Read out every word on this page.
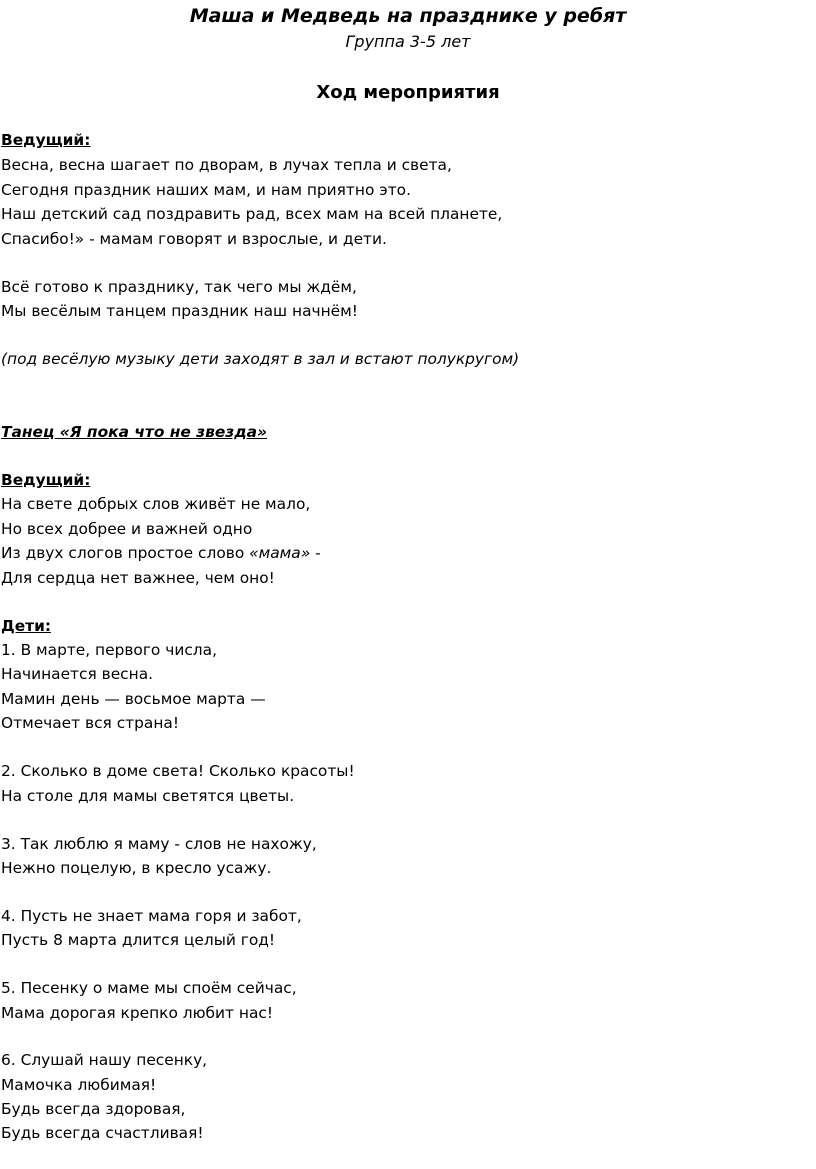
Маша и Медведь на празднике у ребят

Группа 3-5 лет

Ход мероприятия

Ведущий:

Весна, весна шагает по дворам, в лучах тепла и света,

Сегодня праздник наших мам, и нам приятно это.

Наш детский сад поздравить рад, всех мам на всей планете,

Спасибо!» - мамам говорят и взрослые, и дети.

Всё готово к празднику, так чего мы ждём,

Мы весёлым танцем праздник наш начнём!

(под весёлую музыку дети заходят в зал и встают полукругом)

Танец «Я пока что не звезда»

Ведущий:

На свете добрых слов живёт не мало,

Но всех добрее и важней одно

Из двух слогов простое слово «мама» -

Для сердца нет важнее, чем оно!

Дети:

1. В марте, первого числа,

Начинается весна.

Мамин день — восьмое марта —

Отмечает вся страна!

2. Сколько в доме света! Сколько красоты!

На столе для мамы светятся цветы.

3. Так люблю я маму - слов не нахожу,

Нежно поцелую, в кресло усажу.

4. Пусть не знает мама горя и забот,

Пусть 8 марта длится целый год!

5. Песенку о маме мы споём сейчас,

Мама дорогая крепко любит нас!

6. Слушай нашу песенку,

Мамочка любимая!

Будь всегда здоровая,

Будь всегда счастливая!
